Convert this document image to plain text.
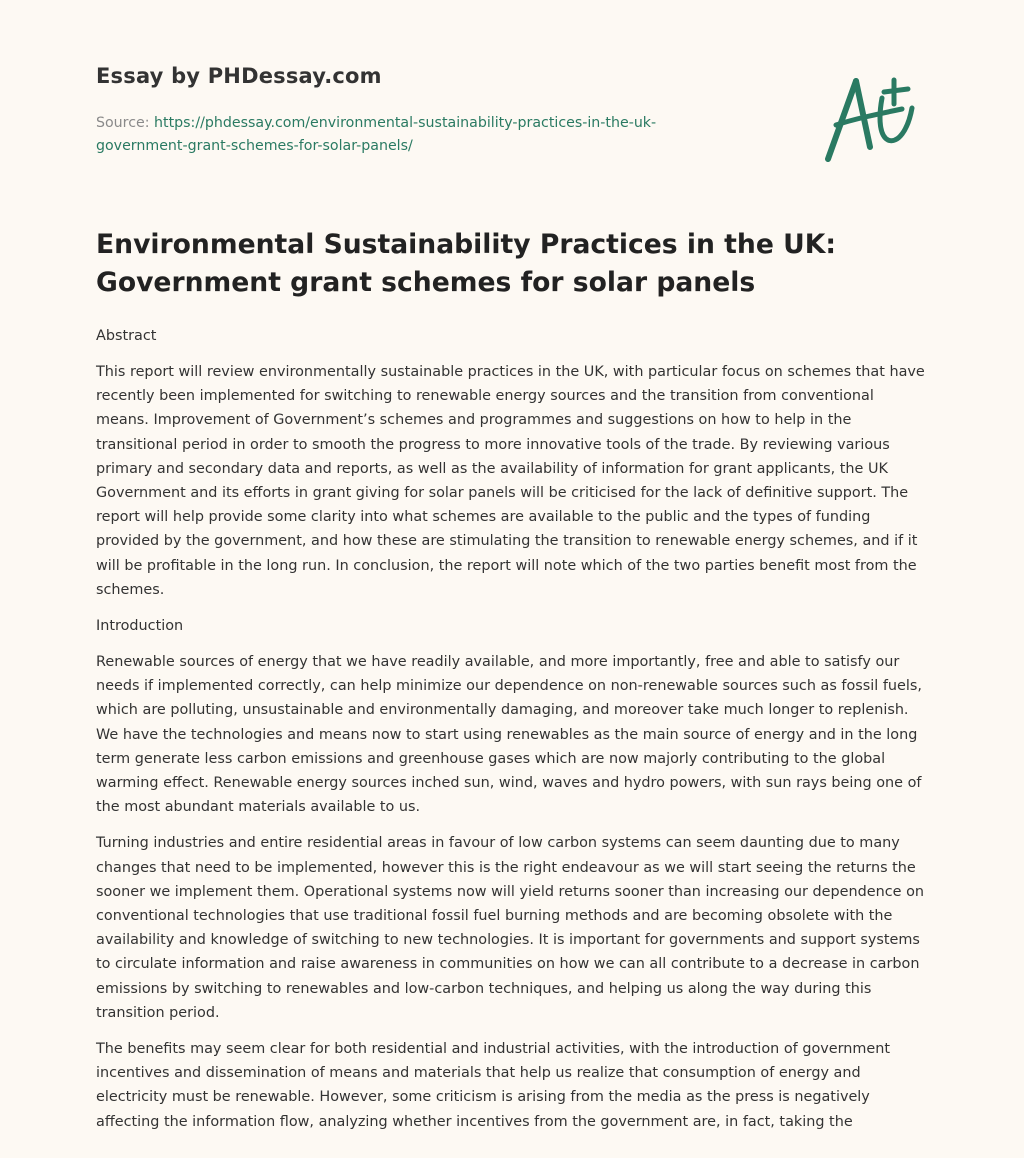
Essay by PHDessay.com
Source: https://phdessay.com/environmental-sustainability-practices-in-the-uk-government-grant-schemes-for-solar-panels/
Environmental Sustainability Practices in the UK: Government grant schemes for solar panels

Abstract

This report will review environmentally sustainable practices in the UK, with particular focus on schemes that have recently been implemented for switching to renewable energy sources and the transition from conventional means. Improvement of Government’s schemes and programmes and suggestions on how to help in the transitional period in order to smooth the progress to more innovative tools of the trade. By reviewing various primary and secondary data and reports, as well as the availability of information for grant applicants, the UK Government and its efforts in grant giving for solar panels will be criticised for the lack of definitive support. The report will help provide some clarity into what schemes are available to the public and the types of funding provided by the government, and how these are stimulating the transition to renewable energy schemes, and if it will be profitable in the long run. In conclusion, the report will note which of the two parties benefit most from the schemes.

Introduction

Renewable sources of energy that we have readily available, and more importantly, free and able to satisfy our needs if implemented correctly, can help minimize our dependence on non-renewable sources such as fossil fuels, which are polluting, unsustainable and environmentally damaging, and moreover take much longer to replenish. We have the technologies and means now to start using renewables as the main source of energy and in the long term generate less carbon emissions and greenhouse gases which are now majorly contributing to the global warming effect. Renewable energy sources inched sun, wind, waves and hydro powers, with sun rays being one of the most abundant materials available to us.

Turning industries and entire residential areas in favour of low carbon systems can seem daunting due to many changes that need to be implemented, however this is the right endeavour as we will start seeing the returns the sooner we implement them. Operational systems now will yield returns sooner than increasing our dependence on conventional technologies that use traditional fossil fuel burning methods and are becoming obsolete with the availability and knowledge of switching to new technologies. It is important for governments and support systems to circulate information and raise awareness in communities on how we can all contribute to a decrease in carbon emissions by switching to renewables and low-carbon techniques, and helping us along the way during this transition period.

The benefits may seem clear for both residential and industrial activities, with the introduction of government incentives and dissemination of means and materials that help us realize that consumption of energy and electricity must be renewable. However, some criticism is arising from the media as the press is negatively affecting the information flow, analyzing whether incentives from the government are, in fact, taking the
